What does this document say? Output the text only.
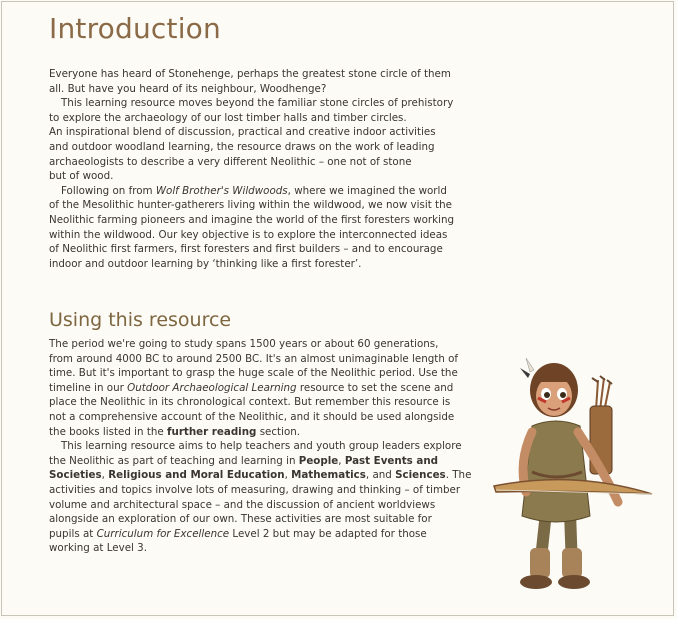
Introduction

Everyone has heard of Stonehenge, perhaps the greatest stone circle of them
all. But have you heard of its neighbour, Woodhenge?
This learning resource moves beyond the familiar stone circles of prehistory
to explore the archaeology of our lost timber halls and timber circles.
An inspirational blend of discussion, practical and creative indoor activities
and outdoor woodland learning, the resource draws on the work of leading
archaeologists to describe a very different Neolithic – one not of stone
but of wood.
Following on from Wolf Brother's Wildwoods, where we imagined the world
of the Mesolithic hunter-gatherers living within the wildwood, we now visit the
Neolithic farming pioneers and imagine the world of the first foresters working
within the wildwood. Our key objective is to explore the interconnected ideas
of Neolithic first farmers, first foresters and first builders – and to encourage
indoor and outdoor learning by ‘thinking like a first forester’.

Using this resource

The period we're going to study spans 1500 years or about 60 generations,
from around 4000 BC to around 2500 BC. It's an almost unimaginable length of
time. But it's important to grasp the huge scale of the Neolithic period. Use the
timeline in our Outdoor Archaeological Learning resource to set the scene and
place the Neolithic in its chronological context. But remember this resource is
not a comprehensive account of the Neolithic, and it should be used alongside
the books listed in the further reading section.
This learning resource aims to help teachers and youth group leaders explore
the Neolithic as part of teaching and learning in People, Past Events and
Societies, Religious and Moral Education, Mathematics, and Sciences. The
activities and topics involve lots of measuring, drawing and thinking – of timber
volume and architectural space – and the discussion of ancient worldviews
alongside an exploration of our own. These activities are most suitable for
pupils at Curriculum for Excellence Level 2 but may be adapted for those
working at Level 3.
